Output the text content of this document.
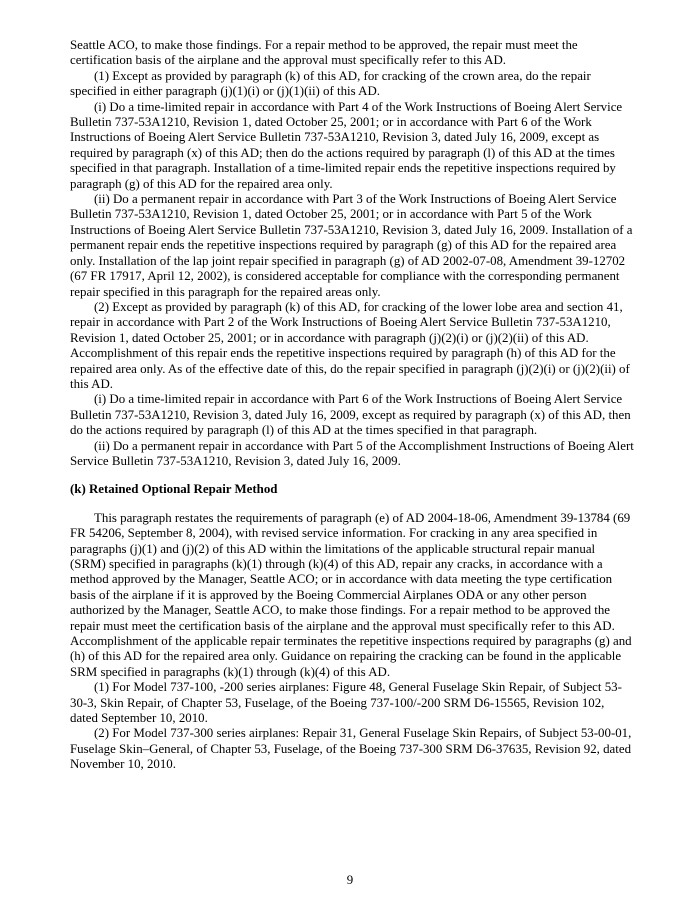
Seattle ACO, to make those findings. For a repair method to be approved, the repair must meet the certification basis of the airplane and the approval must specifically refer to this AD.

(1) Except as provided by paragraph (k) of this AD, for cracking of the crown area, do the repair specified in either paragraph (j)(1)(i) or (j)(1)(ii) of this AD.

(i) Do a time-limited repair in accordance with Part 4 of the Work Instructions of Boeing Alert Service Bulletin 737-53A1210, Revision 1, dated October 25, 2001; or in accordance with Part 6 of the Work Instructions of Boeing Alert Service Bulletin 737-53A1210, Revision 3, dated July 16, 2009, except as required by paragraph (x) of this AD; then do the actions required by paragraph (l) of this AD at the times specified in that paragraph. Installation of a time-limited repair ends the repetitive inspections required by paragraph (g) of this AD for the repaired area only.

(ii) Do a permanent repair in accordance with Part 3 of the Work Instructions of Boeing Alert Service Bulletin 737-53A1210, Revision 1, dated October 25, 2001; or in accordance with Part 5 of the Work Instructions of Boeing Alert Service Bulletin 737-53A1210, Revision 3, dated July 16, 2009. Installation of a permanent repair ends the repetitive inspections required by paragraph (g) of this AD for the repaired area only. Installation of the lap joint repair specified in paragraph (g) of AD 2002-07-08, Amendment 39-12702 (67 FR 17917, April 12, 2002), is considered acceptable for compliance with the corresponding permanent repair specified in this paragraph for the repaired areas only.

(2) Except as provided by paragraph (k) of this AD, for cracking of the lower lobe area and section 41, repair in accordance with Part 2 of the Work Instructions of Boeing Alert Service Bulletin 737-53A1210, Revision 1, dated October 25, 2001; or in accordance with paragraph (j)(2)(i) or (j)(2)(ii) of this AD. Accomplishment of this repair ends the repetitive inspections required by paragraph (h) of this AD for the repaired area only. As of the effective date of this, do the repair specified in paragraph (j)(2)(i) or (j)(2)(ii) of this AD.

(i) Do a time-limited repair in accordance with Part 6 of the Work Instructions of Boeing Alert Service Bulletin 737-53A1210, Revision 3, dated July 16, 2009, except as required by paragraph (x) of this AD, then do the actions required by paragraph (l) of this AD at the times specified in that paragraph.

(ii) Do a permanent repair in accordance with Part 5 of the Accomplishment Instructions of Boeing Alert Service Bulletin 737-53A1210, Revision 3, dated July 16, 2009.

(k) Retained Optional Repair Method

This paragraph restates the requirements of paragraph (e) of AD 2004-18-06, Amendment 39-13784 (69 FR 54206, September 8, 2004), with revised service information. For cracking in any area specified in paragraphs (j)(1) and (j)(2) of this AD within the limitations of the applicable structural repair manual (SRM) specified in paragraphs (k)(1) through (k)(4) of this AD, repair any cracks, in accordance with a method approved by the Manager, Seattle ACO; or in accordance with data meeting the type certification basis of the airplane if it is approved by the Boeing Commercial Airplanes ODA or any other person authorized by the Manager, Seattle ACO, to make those findings. For a repair method to be approved the repair must meet the certification basis of the airplane and the approval must specifically refer to this AD. Accomplishment of the applicable repair terminates the repetitive inspections required by paragraphs (g) and (h) of this AD for the repaired area only. Guidance on repairing the cracking can be found in the applicable SRM specified in paragraphs (k)(1) through (k)(4) of this AD.

(1) For Model 737-100, -200 series airplanes: Figure 48, General Fuselage Skin Repair, of Subject 53-30-3, Skin Repair, of Chapter 53, Fuselage, of the Boeing 737-100/-200 SRM D6-15565, Revision 102, dated September 10, 2010.

(2) For Model 737-300 series airplanes: Repair 31, General Fuselage Skin Repairs, of Subject 53-00-01, Fuselage Skin–General, of Chapter 53, Fuselage, of the Boeing 737-300 SRM D6-37635, Revision 92, dated November 10, 2010.

9
